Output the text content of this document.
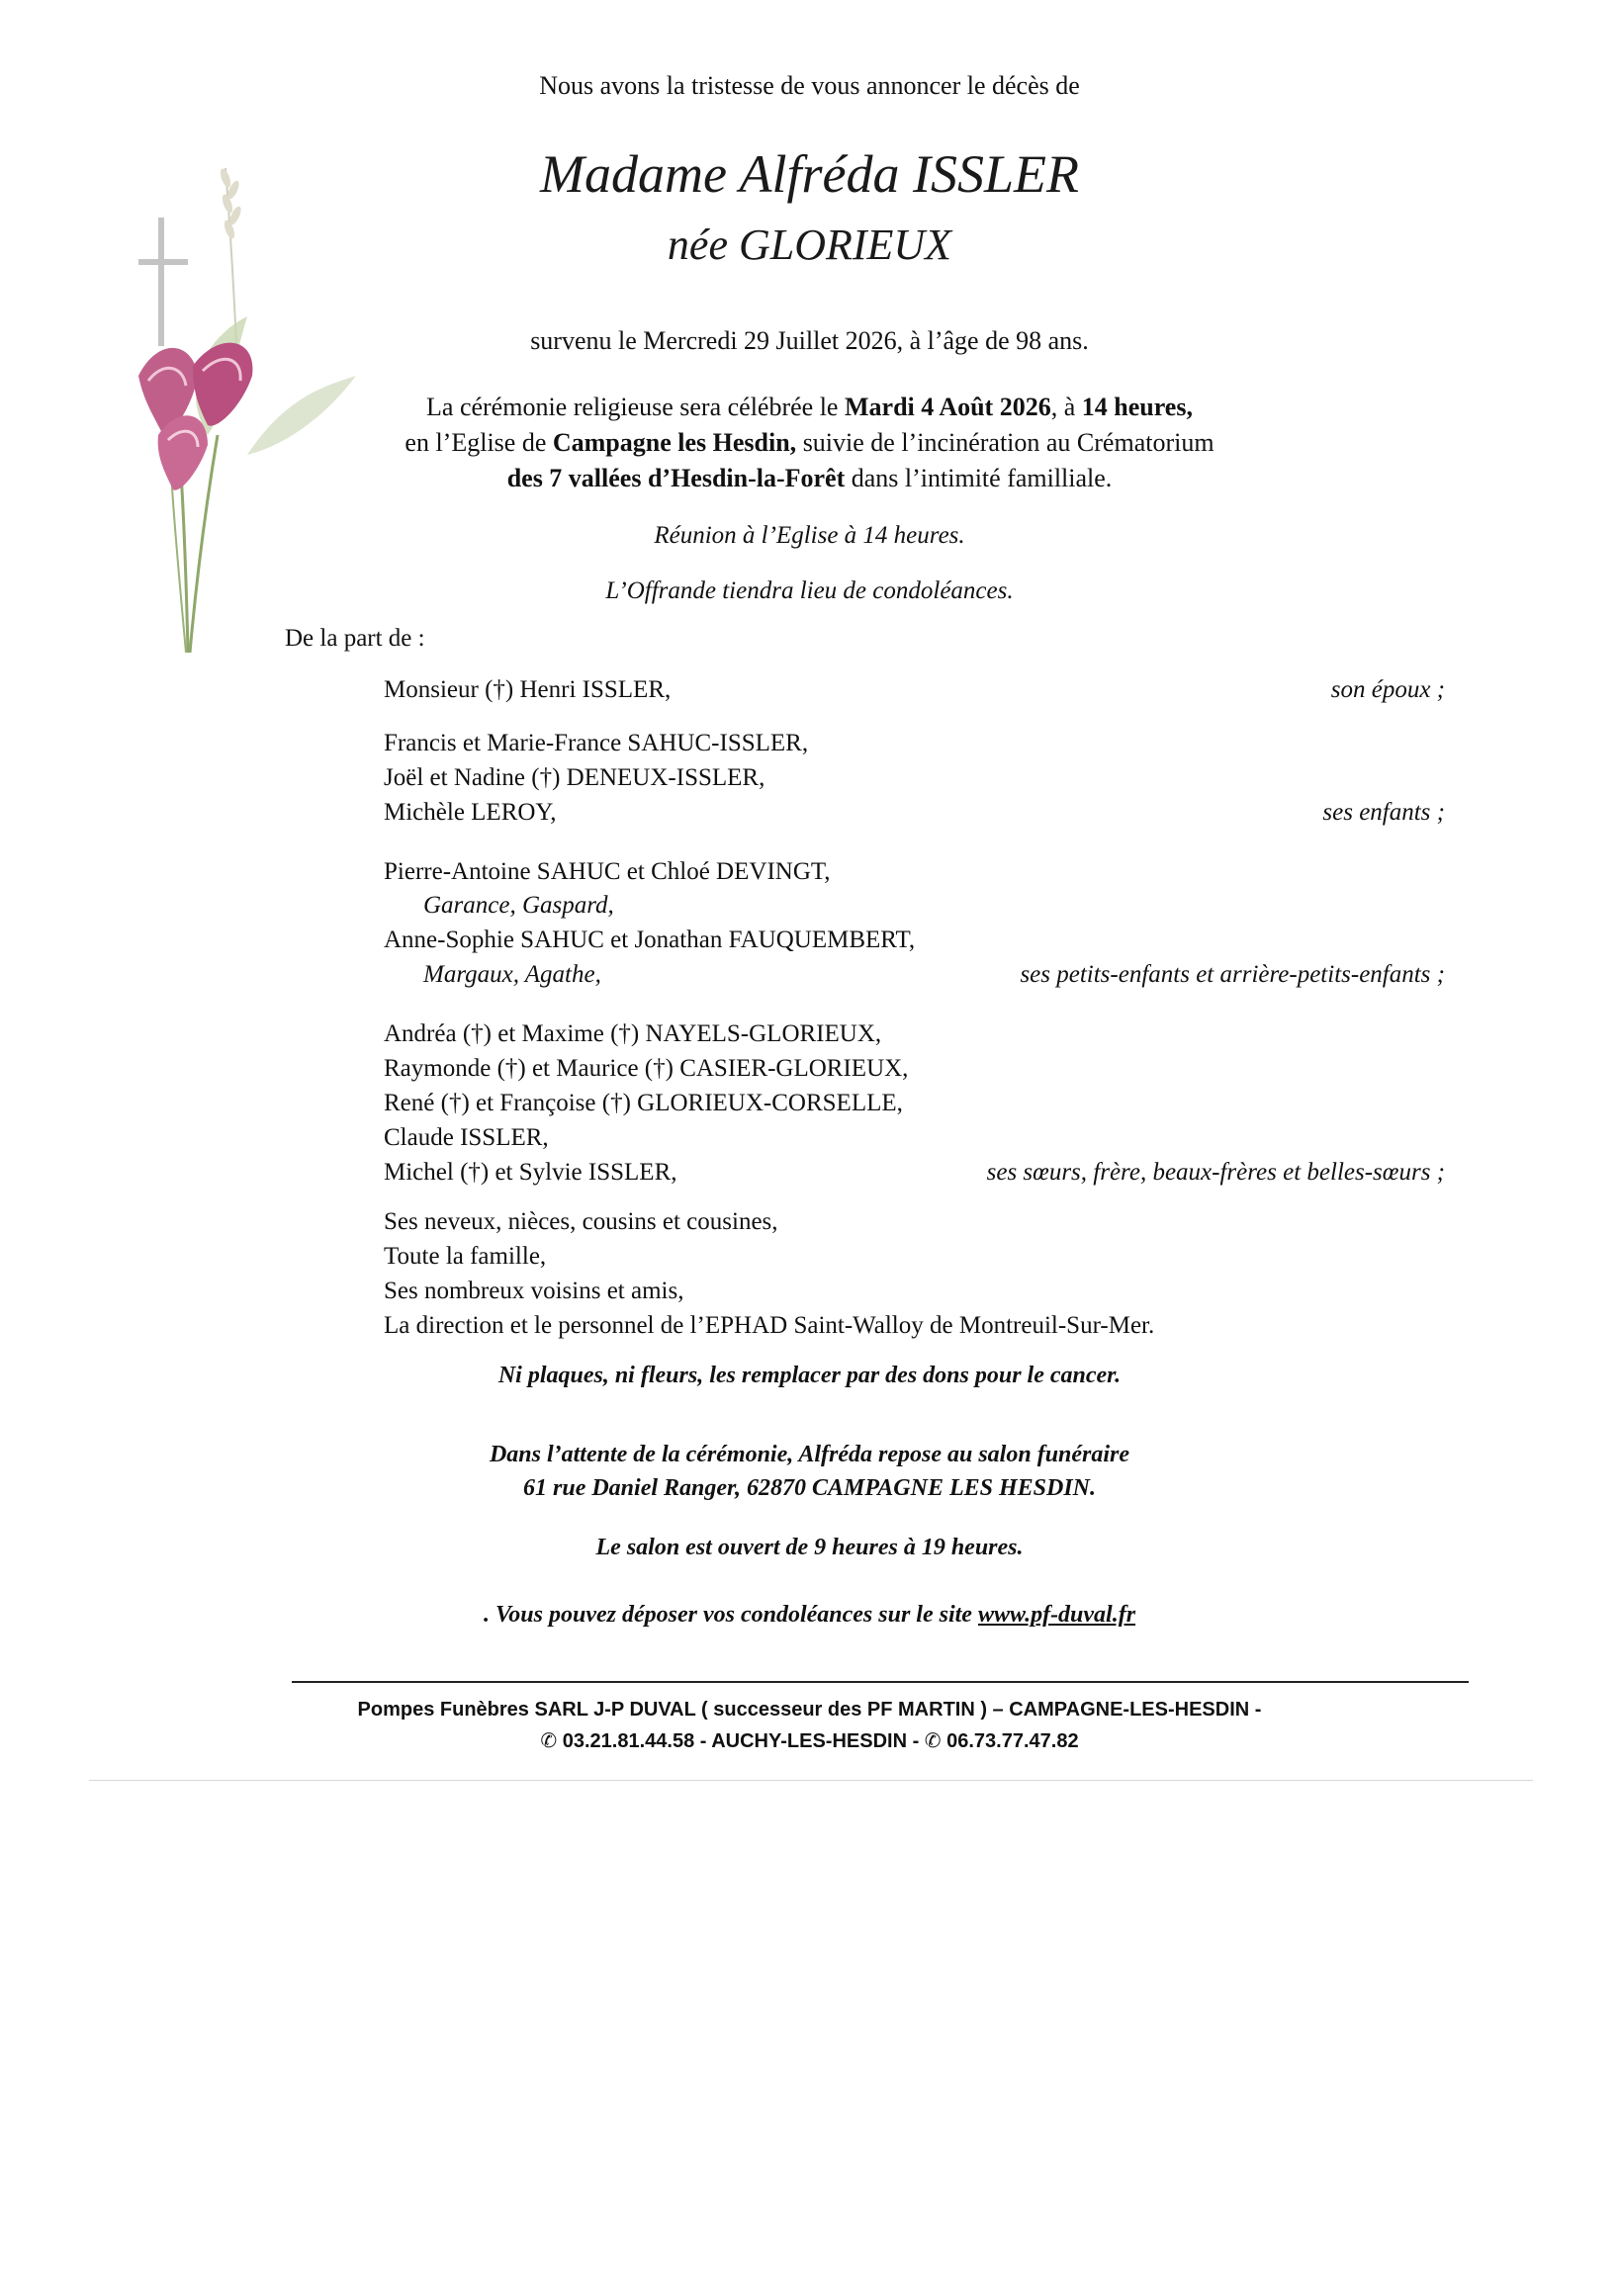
Nous avons la tristesse de vous annoncer le décès de
Madame Alfréda ISSLER
née GLORIEUX
survenu le Mercredi 29 Juillet 2026, à l’âge de 98 ans.
La cérémonie religieuse sera célébrée le Mardi 4 Août 2026, à 14 heures,
en l’Eglise de Campagne les Hesdin, suivie de l’incinération au Crématorium
des 7 vallées d’Hesdin-la-Forêt dans l’intimité familliale.
Réunion à l’Eglise à 14 heures.
L’Offrande tiendra lieu de condoléances.
De la part de :
Monsieur (†) Henri ISSLER,	son époux ;
Francis et Marie-France SAHUC-ISSLER,
Joël et Nadine (†) DENEUX-ISSLER,
Michèle LEROY,	ses enfants ;
Pierre-Antoine SAHUC et Chloé DEVINGT,
Garance, Gaspard,
Anne-Sophie SAHUC et Jonathan FAUQUEMBERT,
Margaux, Agathe,	ses petits-enfants et arrière-petits-enfants ;
Andréa (†) et Maxime (†) NAYELS-GLORIEUX,
Raymonde (†) et Maurice (†) CASIER-GLORIEUX,
René (†) et Françoise (†) GLORIEUX-CORSELLE,
Claude ISSLER,
Michel (†) et Sylvie ISSLER,	ses sœurs, frère, beaux-frères et belles-sœurs ;
Ses neveux, nièces, cousins et cousines,
Toute la famille,
Ses nombreux voisins et amis,
La direction et le personnel de l’EPHAD Saint-Walloy de Montreuil-Sur-Mer.
Ni plaques, ni fleurs, les remplacer par des dons pour le cancer.
Dans l’attente de la cérémonie, Alfréda repose au salon funéraire
61 rue Daniel Ranger, 62870 CAMPAGNE LES HESDIN.
Le salon est ouvert de 9 heures à 19 heures.
. Vous pouvez déposer vos condoléances sur le site www.pf-duval.fr
Pompes Funèbres SARL J-P DUVAL ( successeur des PF MARTIN ) – CAMPAGNE-LES-HESDIN -
✆ 03.21.81.44.58 - AUCHY-LES-HESDIN - ✆ 06.73.77.47.82
